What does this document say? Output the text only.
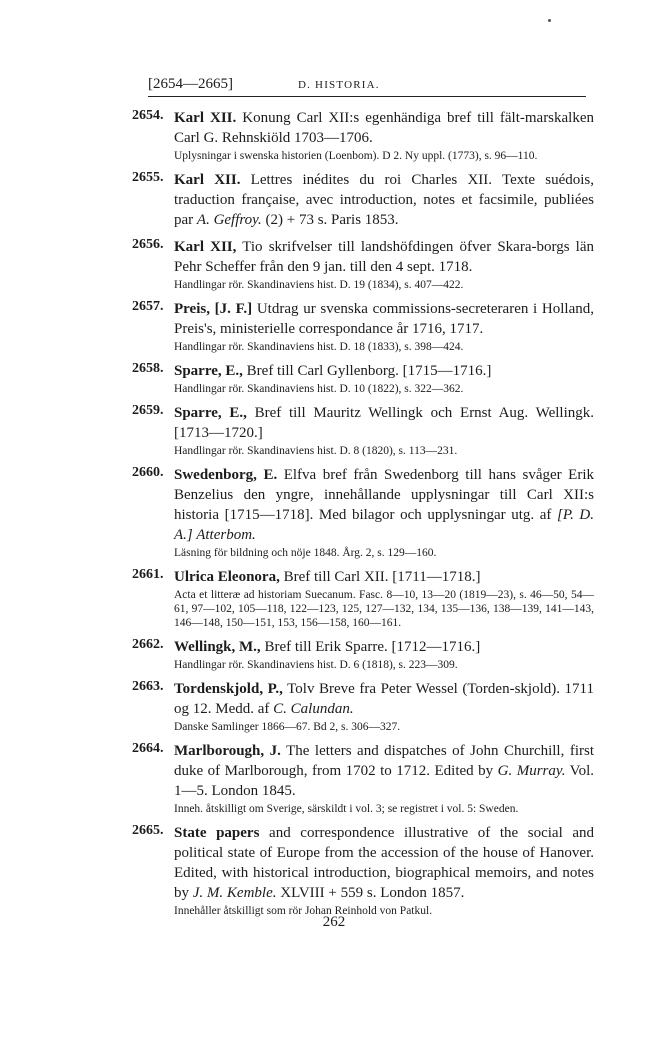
[2654—2665]	D. HISTORIA.
2654. Karl XII. Konung Carl XII:s egenhändiga bref till fält-marskalken Carl G. Rehnskiöld 1703—1706.
Uplysningar i swenska historien (Loenbom). D 2. Ny uppl. (1773), s. 96—110.
2655. Karl XII. Lettres inédites du roi Charles XII. Texte suédois, traduction française, avec introduction, notes et facsimile, publiées par A. Geffroy. (2) + 73 s. Paris 1853.
2656. Karl XII, Tio skrifvelser till landshöfdingen öfver Skara-borgs län Pehr Scheffer från den 9 jan. till den 4 sept. 1718.
Handlingar rör. Skandinaviens hist. D. 19 (1834), s. 407—422.
2657. Preis, [J. F.] Utdrag ur svenska commissions-secreteraren i Holland, Preis's, ministerielle correspondance år 1716, 1717.
Handlingar rör. Skandinaviens hist. D. 18 (1833), s. 398—424.
2658. Sparre, E., Bref till Carl Gyllenborg. [1715—1716.]
Handlingar rör. Skandinaviens hist. D. 10 (1822), s. 322—362.
2659. Sparre, E., Bref till Mauritz Wellingk och Ernst Aug. Wellingk. [1713—1720.]
Handlingar rör. Skandinaviens hist. D. 8 (1820), s. 113—231.
2660. Swedenborg, E. Elfva bref från Swedenborg till hans svåger Erik Benzelius den yngre, innehållande upplysningar till Carl XII:s historia [1715—1718]. Med bilagor och upplysningar utg. af [P. D. A.] Atterbom.
Läsning för bildning och nöje 1848. Årg. 2, s. 129—160.
2661. Ulrica Eleonora, Bref till Carl XII. [1711—1718.]
Acta et litteræ ad historiam Suecanum. Fasc. 8—10, 13—20 (1819—23), s. 46—50, 54—61, 97—102, 105—118, 122—123, 125, 127—132, 134, 135—136, 138—139, 141—143, 146—148, 150—151, 153, 156—158, 160—161.
2662. Wellingk, M., Bref till Erik Sparre. [1712—1716.]
Handlingar rör. Skandinaviens hist. D. 6 (1818), s. 223—309.
2663. Tordenskjold, P., Tolv Breve fra Peter Wessel (Torden-skjold). 1711 og 12. Medd. af C. Calundan.
Danske Samlinger 1866—67. Bd 2, s. 306—327.
2664. Marlborough, J. The letters and dispatches of John Churchill, first duke of Marlborough, from 1702 to 1712. Edited by G. Murray. Vol. 1—5. London 1845.
Inneh. åtskilligt om Sverige, särskildt i vol. 3; se registret i vol. 5: Sweden.
2665. State papers and correspondence illustrative of the social and political state of Europe from the accession of the house of Hanover. Edited, with historical introduction, biographical memoirs, and notes by J. M. Kemble. XLVIII + 559 s. London 1857.
Innehåller åtskilligt som rör Johan Reinhold von Patkul.
262
